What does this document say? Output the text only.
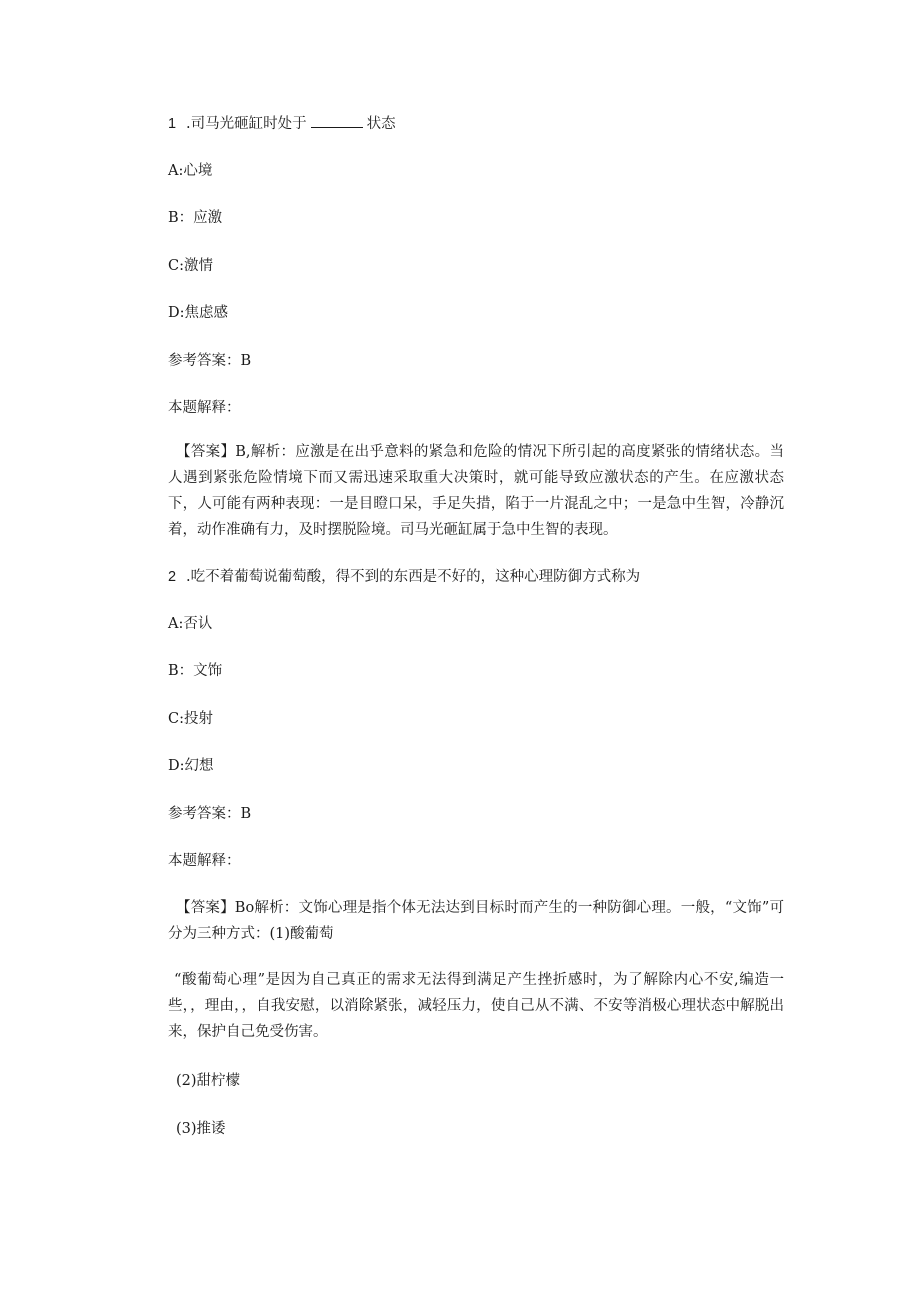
1 .司马光砸缸时处于	状态
A:心境
B：应激
C:激情
D:焦虑感
参考答案：B
本题解释：
【答案】B,解析：应激是在出乎意料的紧急和危险的情况下所引起的高度紧张的情绪状态。当人遇到紧张危险情境下而又需迅速采取重大决策时，就可能导致应激状态的产生。在应激状态下，人可能有两种表现：一是目瞪口呆，手足失措，陷于一片混乱之中；一是急中生智，冷静沉着，动作准确有力，及时摆脱险境。司马光砸缸属于急中生智的表现。
2 .吃不着葡萄说葡萄酸，得不到的东西是不好的，这种心理防御方式称为
A:否认
B：文饰
C:投射
D:幻想
参考答案：B
本题解释：
【答案】Bo解析：文饰心理是指个体无法达到目标时而产生的一种防御心理。一般，“文饰”可分为三种方式：(1)酸葡萄
“酸葡萄心理”是因为自己真正的需求无法得到满足产生挫折感时，为了解除内心不安,编造一些，，理由，，自我安慰，以消除紧张，减轻压力，使自己从不满、不安等消极心理状态中解脱出来，保护自己免受伤害。
(2)甜柠檬
(3)推诿
